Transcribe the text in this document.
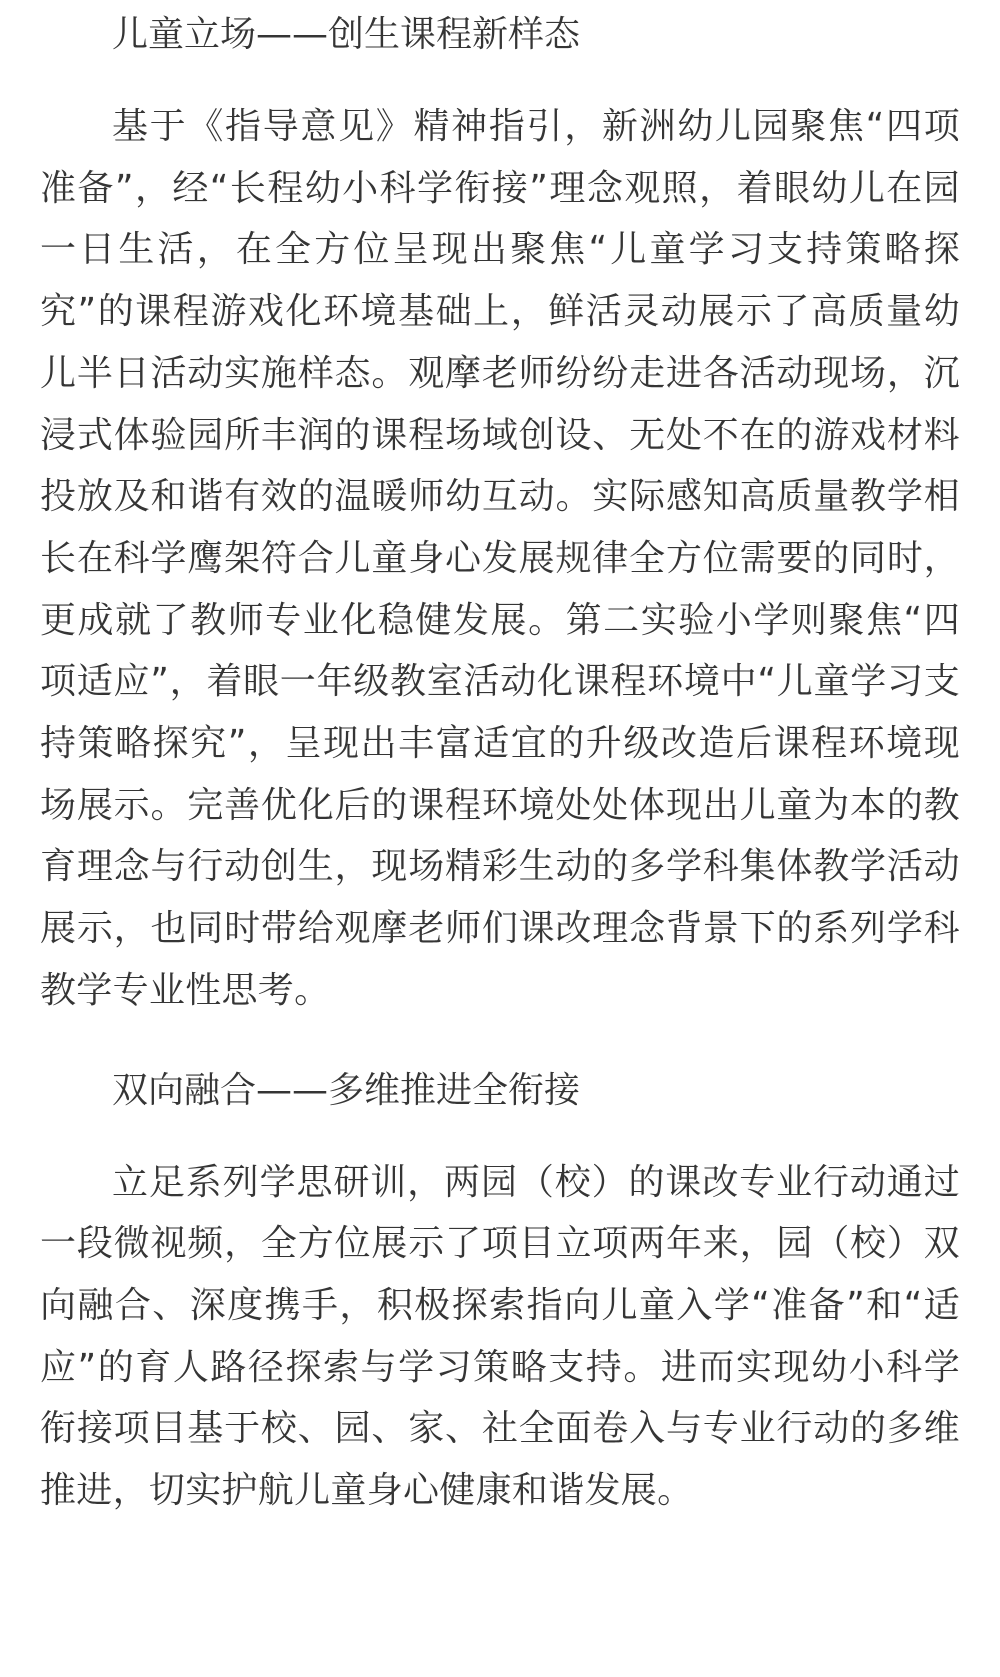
儿童立场——创生课程新样态

基于《指导意见》精神指引，新洲幼儿园聚焦“四项准备”，经“长程幼小科学衔接”理念观照，着眼幼儿在园一日生活，在全方位呈现出聚焦“儿童学习支持策略探究”的课程游戏化环境基础上，鲜活灵动展示了高质量幼儿半日活动实施样态。观摩老师纷纷走进各活动现场，沉浸式体验园所丰润的课程场域创设、无处不在的游戏材料投放及和谐有效的温暖师幼互动。实际感知高质量教学相长在科学鹰架符合儿童身心发展规律全方位需要的同时，更成就了教师专业化稳健发展。第二实验小学则聚焦“四项适应”，着眼一年级教室活动化课程环境中“儿童学习支持策略探究”，呈现出丰富适宜的升级改造后课程环境现场展示。完善优化后的课程环境处处体现出儿童为本的教育理念与行动创生，现场精彩生动的多学科集体教学活动展示，也同时带给观摩老师们课改理念背景下的系列学科教学专业性思考。

双向融合——多维推进全衔接

立足系列学思研训，两园（校）的课改专业行动通过一段微视频，全方位展示了项目立项两年来，园（校）双向融合、深度携手，积极探索指向儿童入学“准备”和“适应”的育人路径探索与学习策略支持。进而实现幼小科学衔接项目基于校、园、家、社全面卷入与专业行动的多维推进，切实护航儿童身心健康和谐发展。
